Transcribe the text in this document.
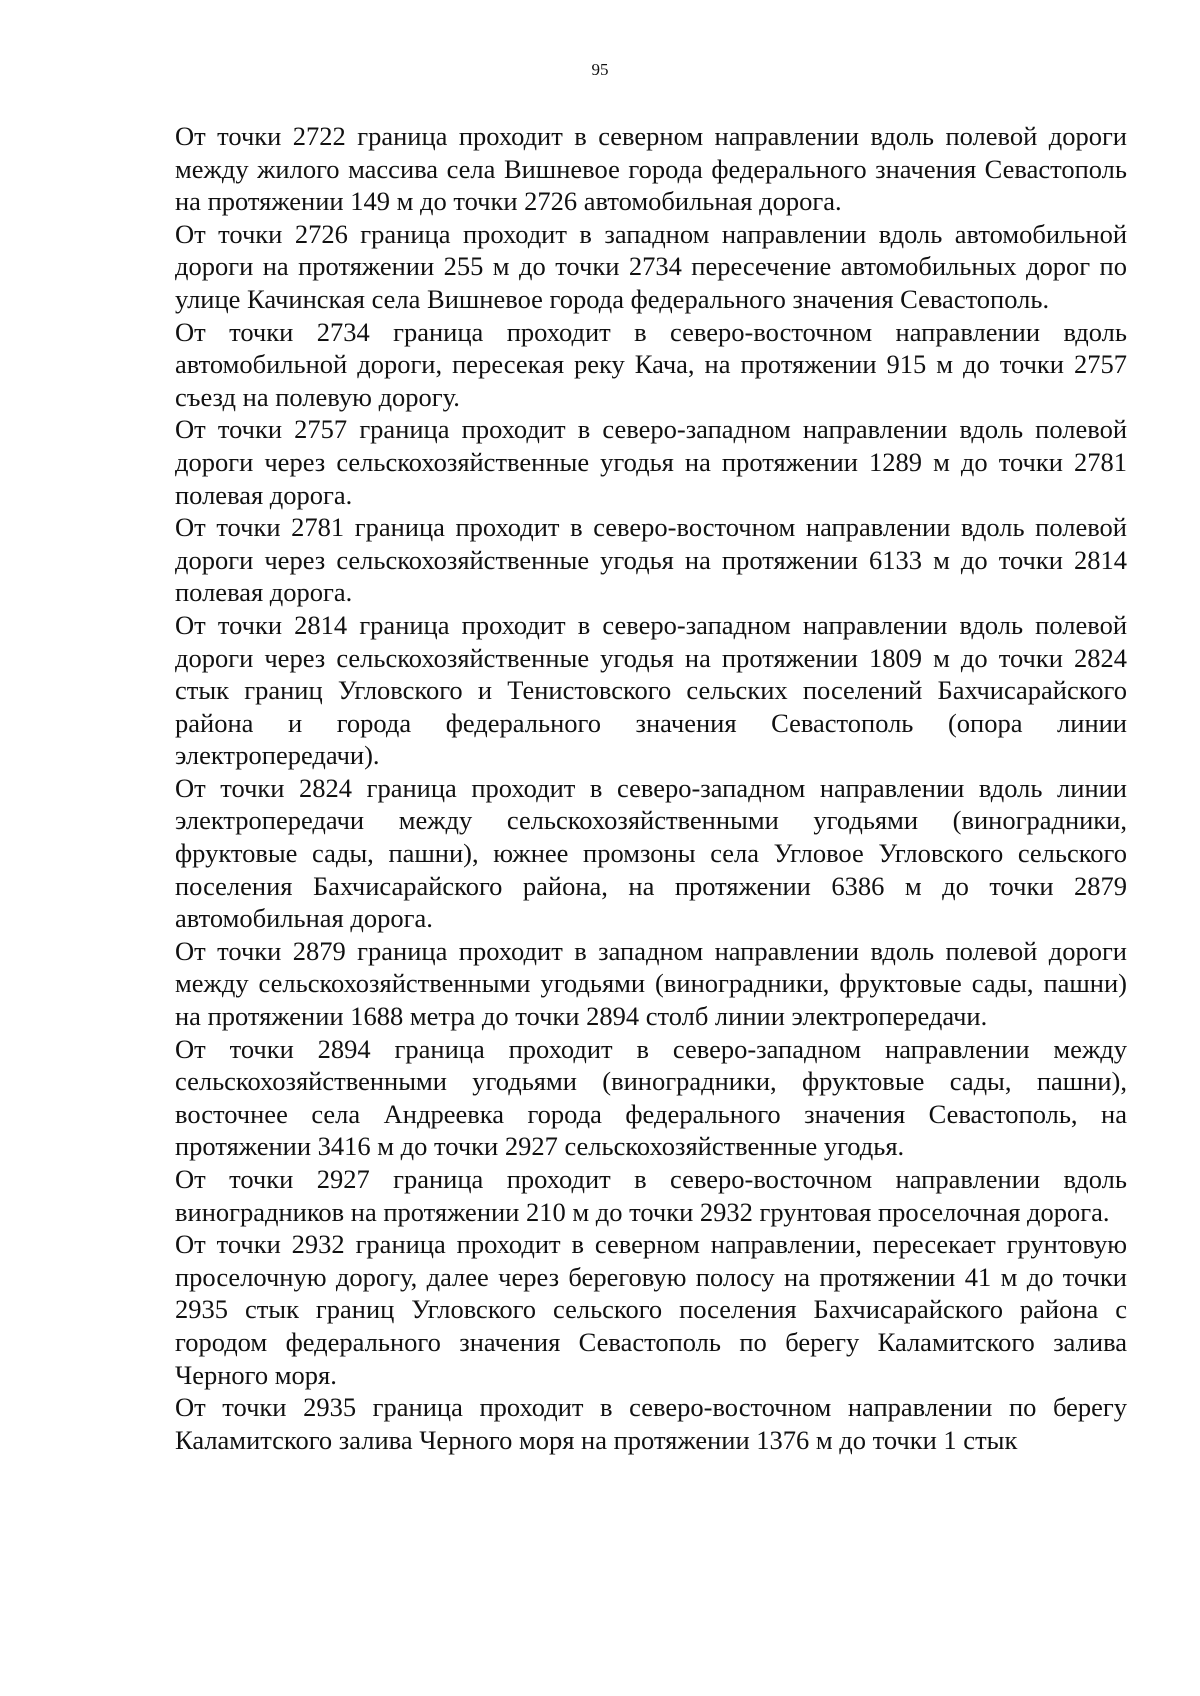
95

От точки 2722 граница проходит в северном направлении вдоль полевой дороги между жилого массива села Вишневое города федерального значения Севастополь на протяжении 149 м до точки 2726 автомобильная дорога.

От точки 2726 граница проходит в западном направлении вдоль автомобильной дороги на протяжении 255 м до точки 2734 пересечение автомобильных дорог по улице Качинская села Вишневое города федерального значения Севастополь.

От точки 2734 граница проходит в северо-восточном направлении вдоль автомобильной дороги, пересекая реку Кача, на протяжении 915 м до точки 2757 съезд на полевую дорогу.

От точки 2757 граница проходит в северо-западном направлении вдоль полевой дороги через сельскохозяйственные угодья на протяжении 1289 м до точки 2781 полевая дорога.

От точки 2781 граница проходит в северо-восточном направлении вдоль полевой дороги через сельскохозяйственные угодья на протяжении 6133 м до точки 2814 полевая дорога.

От точки 2814 граница проходит в северо-западном направлении вдоль полевой дороги через сельскохозяйственные угодья на протяжении 1809 м до точки 2824 стык границ Угловского и Тенистовского сельских поселений Бахчисарайского района и города федерального значения Севастополь (опора линии электропередачи).

От точки 2824 граница проходит в северо-западном направлении вдоль линии электропередачи между сельскохозяйственными угодьями (виноградники, фруктовые сады, пашни), южнее промзоны села Угловое Угловского сельского поселения Бахчисарайского района, на протяжении 6386 м до точки 2879 автомобильная дорога.

От точки 2879 граница проходит в западном направлении вдоль полевой дороги между сельскохозяйственными угодьями (виноградники, фруктовые сады, пашни) на протяжении 1688 метра до точки 2894 столб линии электропередачи.

От точки 2894 граница проходит в северо-западном направлении между сельскохозяйственными угодьями (виноградники, фруктовые сады, пашни), восточнее села Андреевка города федерального значения Севастополь, на протяжении 3416 м до точки 2927 сельскохозяйственные угодья.

От точки 2927 граница проходит в северо-восточном направлении вдоль виноградников на протяжении 210 м до точки 2932 грунтовая проселочная дорога.

От точки 2932 граница проходит в северном направлении, пересекает грунтовую проселочную дорогу, далее через береговую полосу на протяжении 41 м до точки 2935 стык границ Угловского сельского поселения Бахчисарайского района с городом федерального значения Севастополь по берегу Каламитского залива Черного моря.

От точки 2935 граница проходит в северо-восточном направлении по берегу Каламитского залива Черного моря на протяжении 1376 м до точки 1 стык
